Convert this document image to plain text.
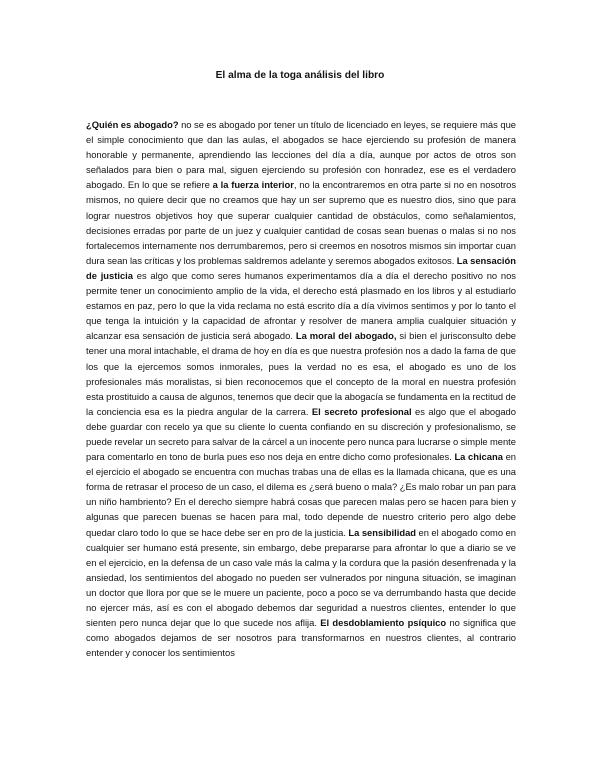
El alma de la toga análisis del libro

¿Quién es abogado? no se es abogado por tener un título de licenciado en leyes, se requiere más que el simple conocimiento que dan las aulas, el abogados se hace ejerciendo su profesión de manera honorable y permanente, aprendiendo las lecciones del día a día, aunque por actos de otros son señalados para bien o para mal, siguen ejerciendo su profesión con honradez, ese es el verdadero abogado. En lo que se refiere a la fuerza interior, no la encontraremos en otra parte si no en nosotros mismos, no quiere decir que no creamos que hay un ser supremo que es nuestro dios, sino que para lograr nuestros objetivos hoy que superar cualquier cantidad de obstáculos, como señalamientos, decisiones erradas por parte de un juez y cualquier cantidad de cosas sean buenas o malas si no nos fortalecemos internamente nos derrumbaremos, pero si creemos en nosotros mismos sin importar cuan dura sean las críticas y los problemas saldremos adelante y seremos abogados exitosos. La sensación de justicia es algo que como seres humanos experimentamos día a día el derecho positivo no nos permite tener un conocimiento amplio de la vida, el derecho está plasmado en los libros y al estudiarlo estamos en paz, pero lo que la vida reclama no está escrito día a día vivimos sentimos y por lo tanto el que tenga la intuición y la capacidad de afrontar y resolver de manera amplia cualquier situación y alcanzar esa sensación de justicia será abogado. La moral del abogado, si bien el jurisconsulto debe tener una moral intachable, el drama de hoy en día es que nuestra profesión nos a dado la fama de que los que la ejercemos somos inmorales, pues la verdad no es esa, el abogado es uno de los profesionales más moralistas, si bien reconocemos que el concepto de la moral en nuestra profesión esta prostituido a causa de algunos, tenemos que decir que la abogacía se fundamenta en la rectitud de la conciencia esa es la piedra angular de la carrera. El secreto profesional es algo que el abogado debe guardar con recelo ya que su cliente lo cuenta confiando en su discreción y profesionalismo, se puede revelar un secreto para salvar de la cárcel a un inocente pero nunca para lucrarse o simple mente para comentarlo en tono de burla pues eso nos deja en entre dicho como profesionales. La chicana en el ejercicio el abogado se encuentra con muchas trabas una de ellas es la llamada chicana, que es una forma de retrasar el proceso de un caso, el dilema es ¿será bueno o mala? ¿Es malo robar un pan para un niño hambriento? En el derecho siempre habrá cosas que parecen malas pero se hacen para bien y algunas que parecen buenas se hacen para mal, todo depende de nuestro criterio pero algo debe quedar claro todo lo que se hace debe ser en pro de la justicia. La sensibilidad en el abogado como en cualquier ser humano está presente, sin embargo, debe prepararse para afrontar lo que a diario se ve en el ejercicio, en la defensa de un caso vale más la calma y la cordura que la pasión desenfrenada y la ansiedad, los sentimientos del abogado no pueden ser vulnerados por ninguna situación, se imaginan un doctor que llora por que se le muere un paciente, poco a poco se va derrumbando hasta que decide no ejercer más, así es con el abogado debemos dar seguridad a nuestros clientes, entender lo que sienten pero nunca dejar que lo que sucede nos aflija. El desdoblamiento psíquico no significa que como abogados dejamos de ser nosotros para transformarnos en nuestros clientes, al contrario entender y conocer los sentimientos
